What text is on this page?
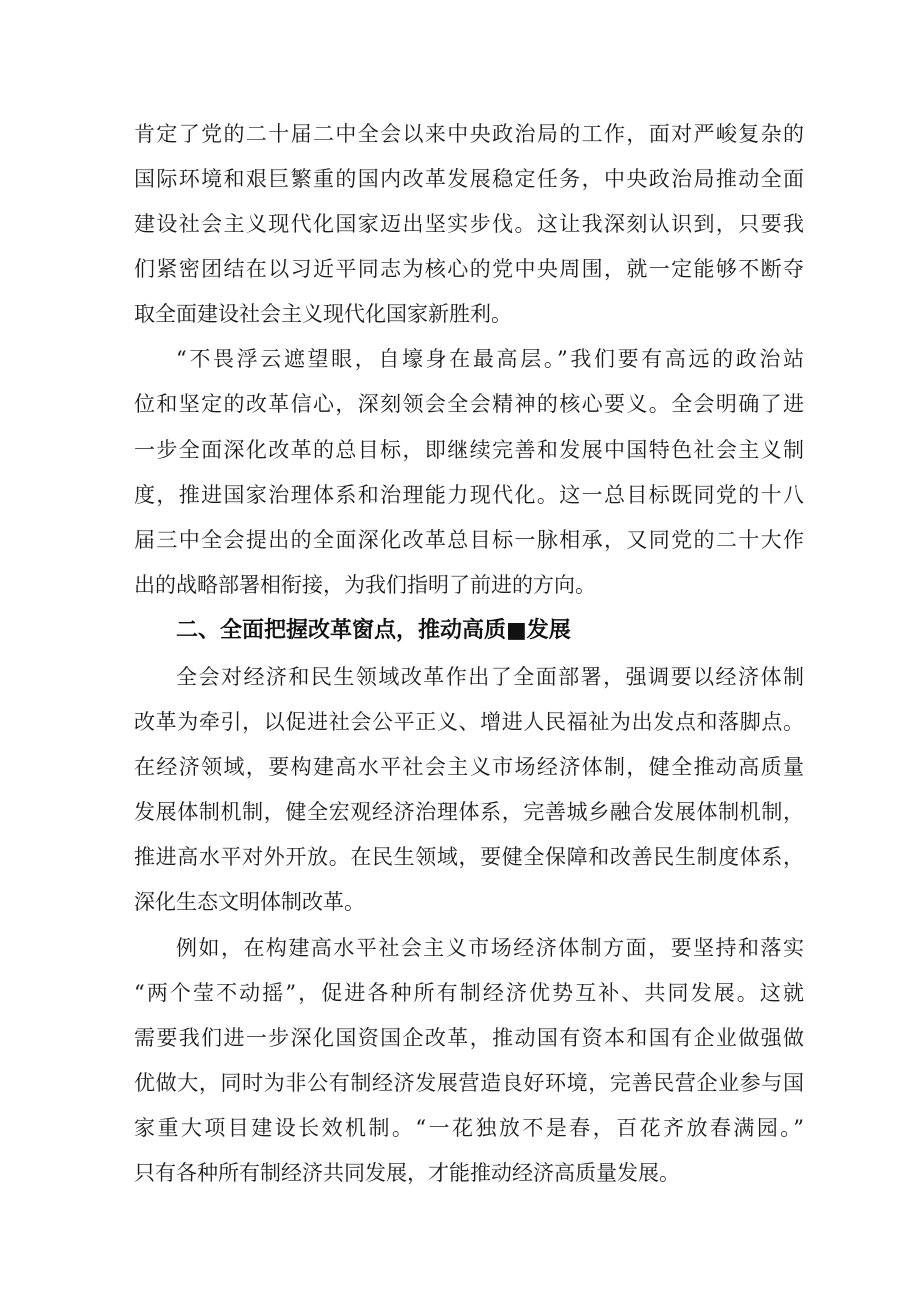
肯定了党的二十届二中全会以来中央政治局的工作，面对严峻复杂的
国际环境和艰巨繁重的国内改革发展稳定任务，中央政治局推动全面
建设社会主义现代化国家迈出坚实步伐。这让我深刻认识到，只要我
们紧密团结在以习近平同志为核心的党中央周围，就一定能够不断夺
取全面建设社会主义现代化国家新胜利。
“不畏浮云遮望眼，自壕身在最高层。”我们要有高远的政治站
位和坚定的改革信心，深刻领会全会精神的核心要义。全会明确了进
一步全面深化改革的总目标，即继续完善和发展中国特色社会主义制
度，推进国家治理体系和治理能力现代化。这一总目标既同党的十八
届三中全会提出的全面深化改革总目标一脉相承，又同党的二十大作
出的战略部署相衔接，为我们指明了前进的方向。
二、全面把握改革窗点，推动高质■发展
全会对经济和民生领域改革作出了全面部署，强调要以经济体制
改革为牵引，以促进社会公平正义、增进人民福祉为出发点和落脚点。
在经济领域，要构建高水平社会主义市场经济体制，健全推动高质量
发展体制机制，健全宏观经济治理体系，完善城乡融合发展体制机制，
推进高水平对外开放。在民生领域，要健全保障和改善民生制度体系，
深化生态文明体制改革。
例如，在构建高水平社会主义市场经济体制方面，要坚持和落实
“两个莹不动摇”，促进各种所有制经济优势互补、共同发展。这就
需要我们进一步深化国资国企改革，推动国有资本和国有企业做强做
优做大，同时为非公有制经济发展营造良好环境，完善民营企业参与国
家重大项目建设长效机制。“一花独放不是春，百花齐放春满园。”
只有各种所有制经济共同发展，才能推动经济高质量发展。
